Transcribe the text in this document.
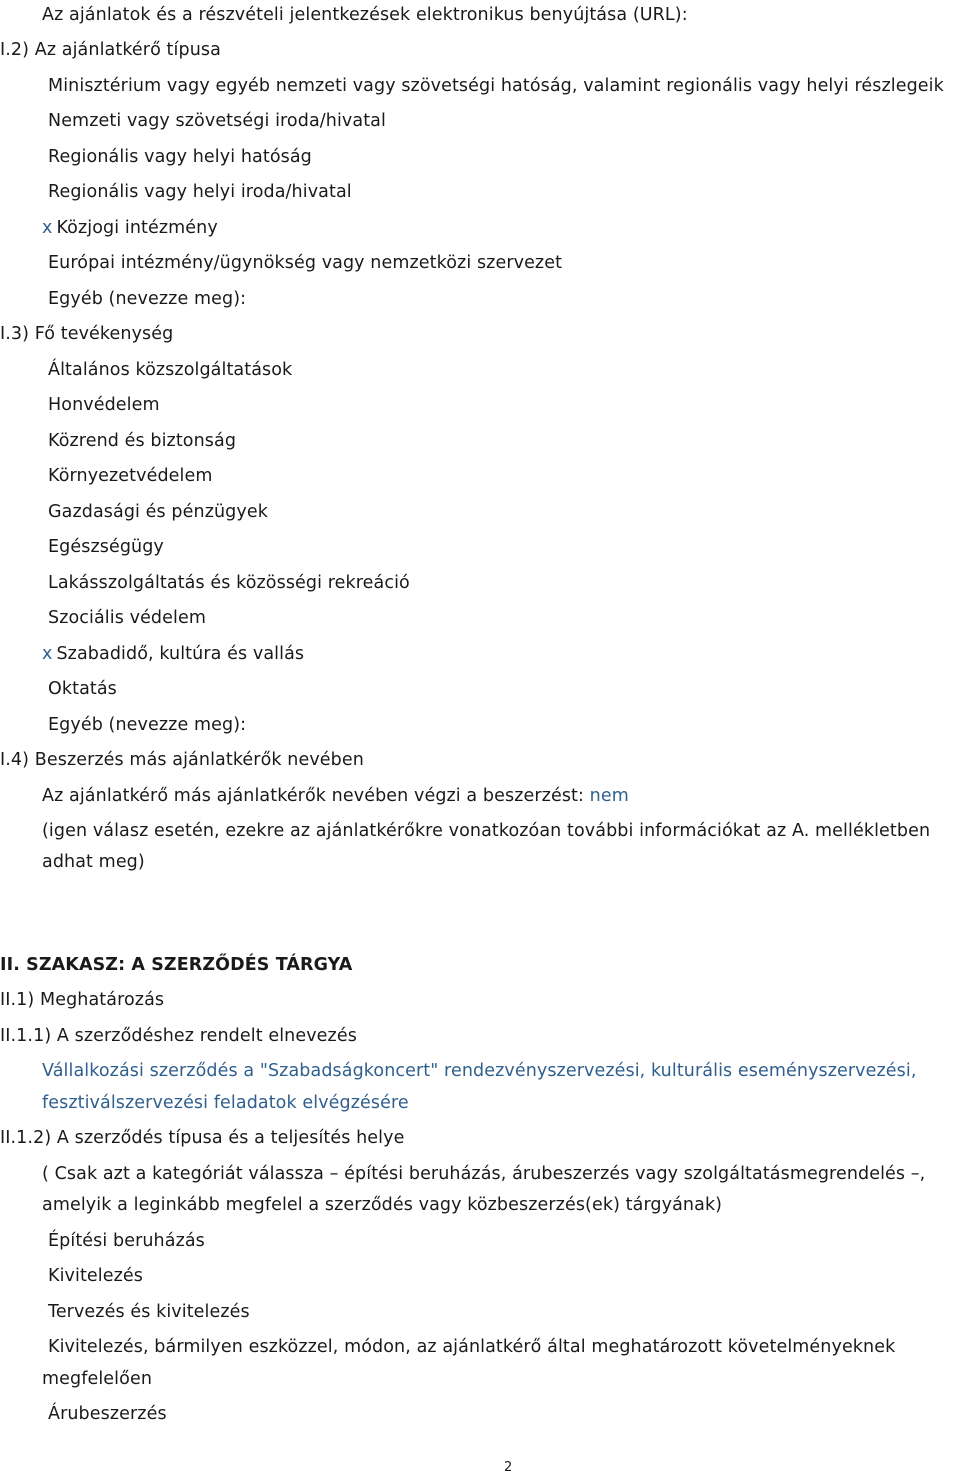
Az ajánlatok és a részvételi jelentkezések elektronikus benyújtása (URL):
I.2) Az ajánlatkérő típusa
Minisztérium vagy egyéb nemzeti vagy szövetségi hatóság, valamint regionális vagy helyi részlegeik
Nemzeti vagy szövetségi iroda/hivatal
Regionális vagy helyi hatóság
Regionális vagy helyi iroda/hivatal
x Közjogi intézmény
Európai intézmény/ügynökség vagy nemzetközi szervezet
Egyéb (nevezze meg):
I.3) Fő tevékenység
Általános közszolgáltatások
Honvédelem
Közrend és biztonság
Környezetvédelem
Gazdasági és pénzügyek
Egészségügy
Lakásszolgáltatás és közösségi rekreáció
Szociális védelem
x Szabadidő, kultúra és vallás
Oktatás
Egyéb (nevezze meg):
I.4) Beszerzés más ajánlatkérők nevében
Az ajánlatkérő más ajánlatkérők nevében végzi a beszerzést: nem
(igen válasz esetén, ezekre az ajánlatkérőkre vonatkozóan további információkat az A. mellékletben
adhat meg)
II. SZAKASZ: A SZERZŐDÉS TÁRGYA
II.1) Meghatározás
II.1.1) A szerződéshez rendelt elnevezés
Vállalkozási szerződés a "Szabadságkoncert" rendezvényszervezési, kulturális eseményszervezési,
fesztiválszervezési feladatok elvégzésére
II.1.2) A szerződés típusa és a teljesítés helye
( Csak azt a kategóriát válassza – építési beruházás, árubeszerzés vagy szolgáltatásmegrendelés –,
amelyik a leginkább megfelel a szerződés vagy közbeszerzés(ek) tárgyának)
Építési beruházás
Kivitelezés
Tervezés és kivitelezés
Kivitelezés, bármilyen eszközzel, módon, az ajánlatkérő által meghatározott követelményeknek
megfelelően
Árubeszerzés
2
